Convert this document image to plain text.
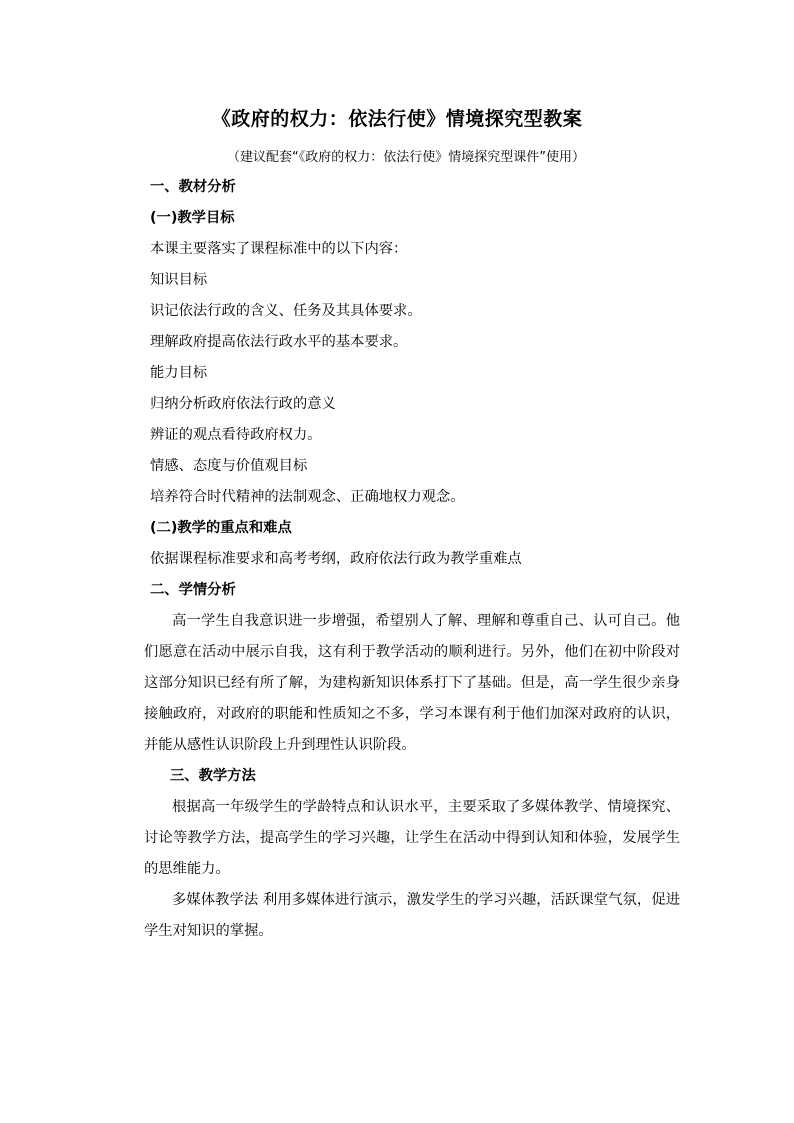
《政府的权力：依法行使》情境探究型教案
（建议配套“《政府的权力：依法行使》情境探究型课件”使用）
一、教材分析
(一)教学目标
本课主要落实了课程标准中的以下内容：
知识目标
识记依法行政的含义、任务及其具体要求。
理解政府提高依法行政水平的基本要求。
能力目标
归纳分析政府依法行政的意义
辨证的观点看待政府权力。
情感、态度与价值观目标
培养符合时代精神的法制观念、正确地权力观念。
(二)教学的重点和难点
依据课程标准要求和高考考纲，政府依法行政为教学重难点
二、学情分析
高一学生自我意识进一步增强，希望别人了解、理解和尊重自己、认可自己。他们愿意在活动中展示自我，这有利于教学活动的顺利进行。另外，他们在初中阶段对这部分知识已经有所了解，为建构新知识体系打下了基础。但是，高一学生很少亲身接触政府，对政府的职能和性质知之不多，学习本课有利于他们加深对政府的认识，并能从感性认识阶段上升到理性认识阶段。
三、教学方法
根据高一年级学生的学龄特点和认识水平，主要采取了多媒体教学、情境探究、讨论等教学方法，提高学生的学习兴趣，让学生在活动中得到认知和体验，发展学生的思维能力。
多媒体教学法 利用多媒体进行演示，激发学生的学习兴趣，活跃课堂气氛，促进学生对知识的掌握。
